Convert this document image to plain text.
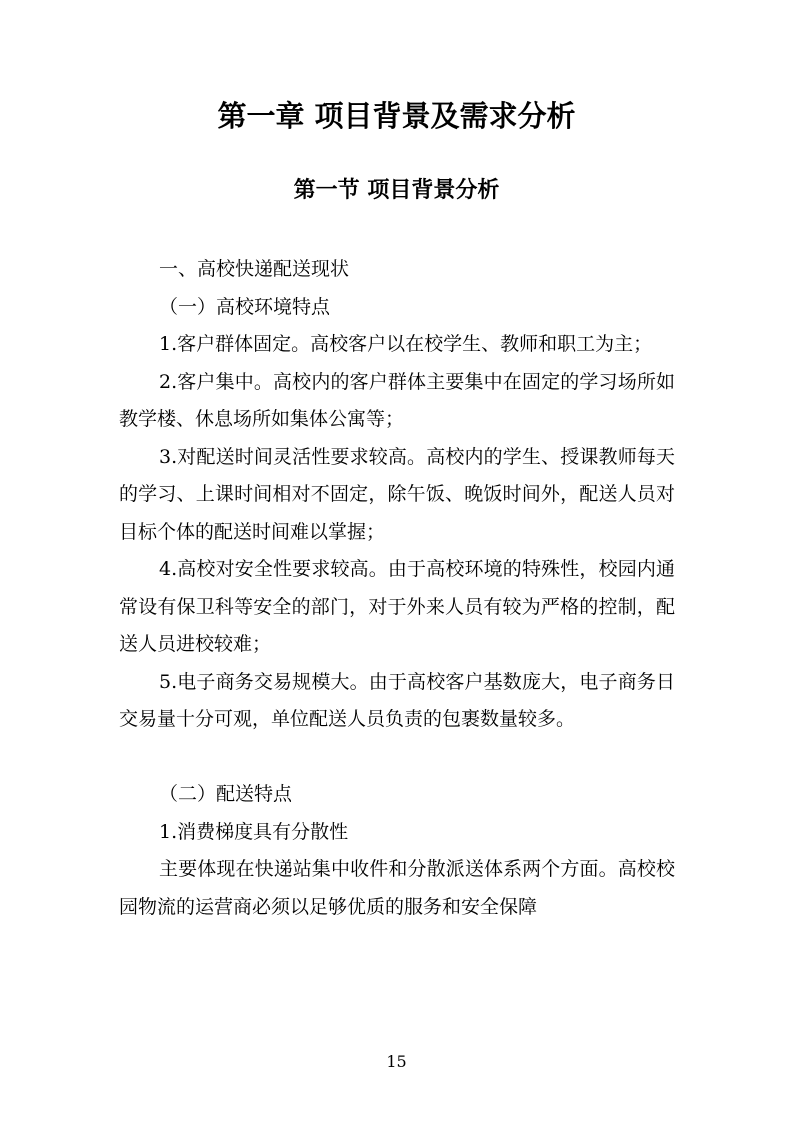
第一章 项目背景及需求分析
第一节 项目背景分析

一、高校快递配送现状

（一）高校环境特点

1.客户群体固定。高校客户以在校学生、教师和职工为主；

2.客户集中。高校内的客户群体主要集中在固定的学习场所如教学楼、休息场所如集体公寓等；

3.对配送时间灵活性要求较高。高校内的学生、授课教师每天的学习、上课时间相对不固定，除午饭、晚饭时间外，配送人员对目标个体的配送时间难以掌握；

4.高校对安全性要求较高。由于高校环境的特殊性，校园内通常设有保卫科等安全的部门，对于外来人员有较为严格的控制，配送人员进校较难；

5.电子商务交易规模大。由于高校客户基数庞大，电子商务日交易量十分可观，单位配送人员负责的包裹数量较多。

（二）配送特点

1.消费梯度具有分散性

主要体现在快递站集中收件和分散派送体系两个方面。高校校园物流的运营商必须以足够优质的服务和安全保障

15
